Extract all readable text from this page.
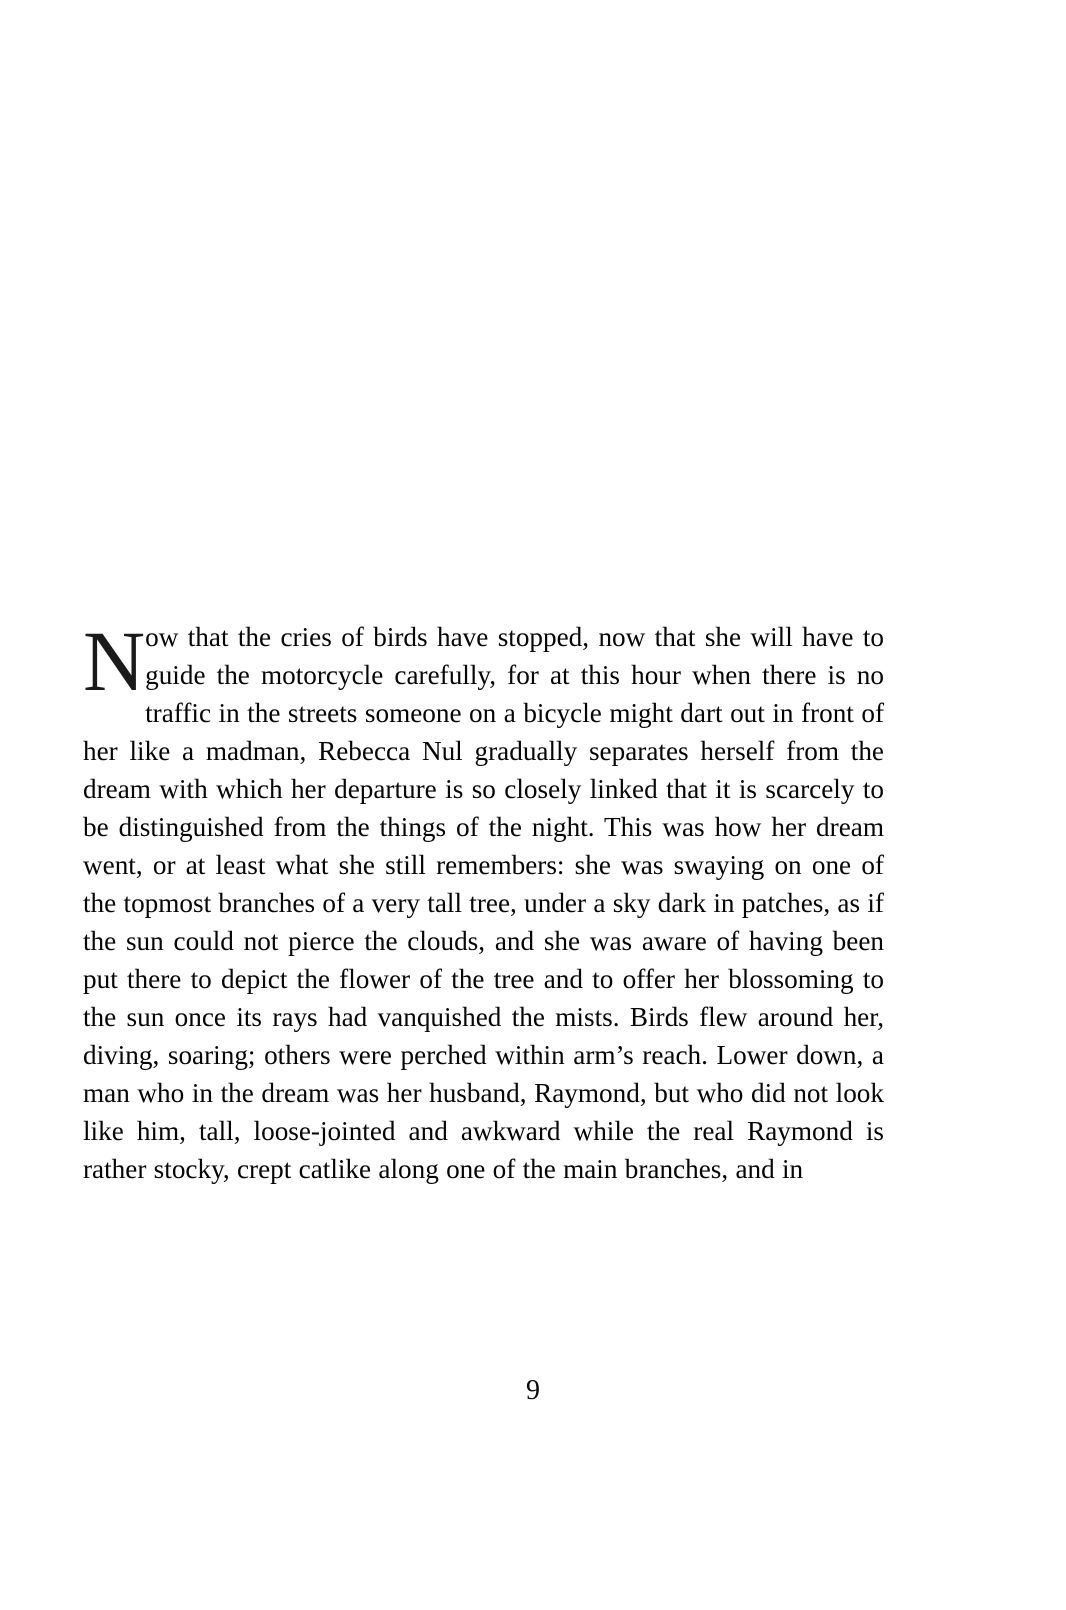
Now that the cries of birds have stopped, now that she will have to guide the motorcycle carefully, for at this hour when there is no traffic in the streets someone on a bicycle might dart out in front of her like a madman, Rebecca Nul gradually separates herself from the dream with which her departure is so closely linked that it is scarcely to be distinguished from the things of the night. This was how her dream went, or at least what she still remembers: she was swaying on one of the topmost branches of a very tall tree, under a sky dark in patches, as if the sun could not pierce the clouds, and she was aware of having been put there to depict the flower of the tree and to offer her blossoming to the sun once its rays had vanquished the mists. Birds flew around her, diving, soaring; others were perched within arm’s reach. Lower down, a man who in the dream was her husband, Raymond, but who did not look like him, tall, loose-jointed and awkward while the real Raymond is rather stocky, crept catlike along one of the main branches, and in

9
